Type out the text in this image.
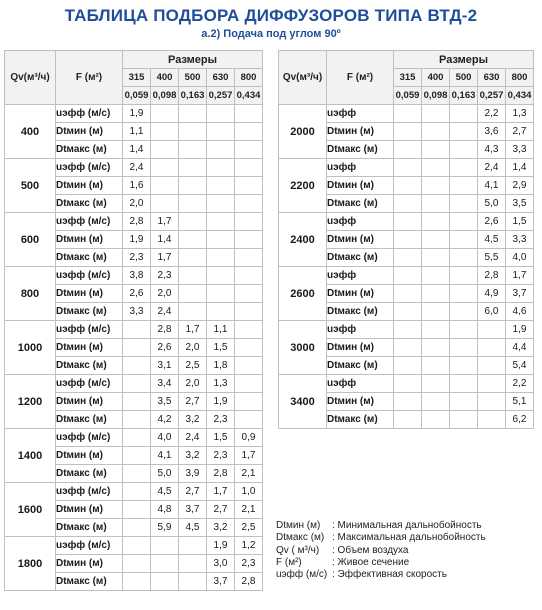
ТАБЛИЦА ПОДБОРА ДИФФУЗОРОВ ТИПА ВТД-2
а.2) Подача под углом 90º
Qv(м³/ч)	F (м²)	Размеры				
		315	400	500	630	800
		0,059	0,098	0,163	0,257	0,434
400	uэфф (м/с)	1,9				
	Dtмин (м)	1,1				
	Dtмакс (м)	1,4				
500	uэфф (м/с)	2,4				
	Dtмин (м)	1,6				
	Dtмакс (м)	2,0				
600	uэфф (м/с)	2,8	1,7			
	Dtмин (м)	1,9	1,4			
	Dtмакс (м)	2,3	1,7			
800	uэфф (м/с)	3,8	2,3			
	Dtмин (м)	2,6	2,0			
	Dtмакс (м)	3,3	2,4			
1000	uэфф (м/с)		2,8	1,7	1,1	
	Dtмин (м)		2,6	2,0	1,5	
	Dtмакс (м)		3,1	2,5	1,8	
1200	uэфф (м/с)		3,4	2,0	1,3	
	Dtмин (м)		3,5	2,7	1,9	
	Dtмакс (м)		4,2	3,2	2,3	
1400	uэфф (м/с)		4,0	2,4	1,5	0,9
	Dtмин (м)		4,1	3,2	2,3	1,7
	Dtмакс (м)		5,0	3,9	2,8	2,1
1600	uэфф (м/с)		4,5	2,7	1,7	1,0
	Dtмин (м)		4,8	3,7	2,7	2,1
	Dtмакс (м)		5,9	4,5	3,2	2,5
1800	uэфф (м/с)				1,9	1,2
	Dtмин (м)				3,0	2,3
	Dtмакс (м)				3,7	2,8
Qv(м³/ч)	F (м²)	Размеры				
		315	400	500	630	800
		0,059	0,098	0,163	0,257	0,434
2000	uэфф				2,2	1,3
	Dtмин (м)				3,6	2,7
	Dtмакс (м)				4,3	3,3
2200	uэфф				2,4	1,4
	Dtмин (м)				4,1	2,9
	Dtмакс (м)				5,0	3,5
2400	uэфф				2,6	1,5
	Dtмин (м)				4,5	3,3
	Dtмакс (м)				5,5	4,0
2600	uэфф				2,8	1,7
	Dtмин (м)				4,9	3,7
	Dtмакс (м)				6,0	4,6
3000	uэфф					1,9
	Dtмин (м)					4,4
	Dtмакс (м)					5,4
3400	uэфф					2,2
	Dtмин (м)					5,1
	Dtмакс (м)					6,2
Dtмин (м)	: Минимальная дальнобойность
Dtмакс (м) : Максимальная дальнобойность
Qv ( м³/ч)	: Объем воздуха
F (м²)	: Живое сечение
uэфф (м/с) : Эффективная скорость
